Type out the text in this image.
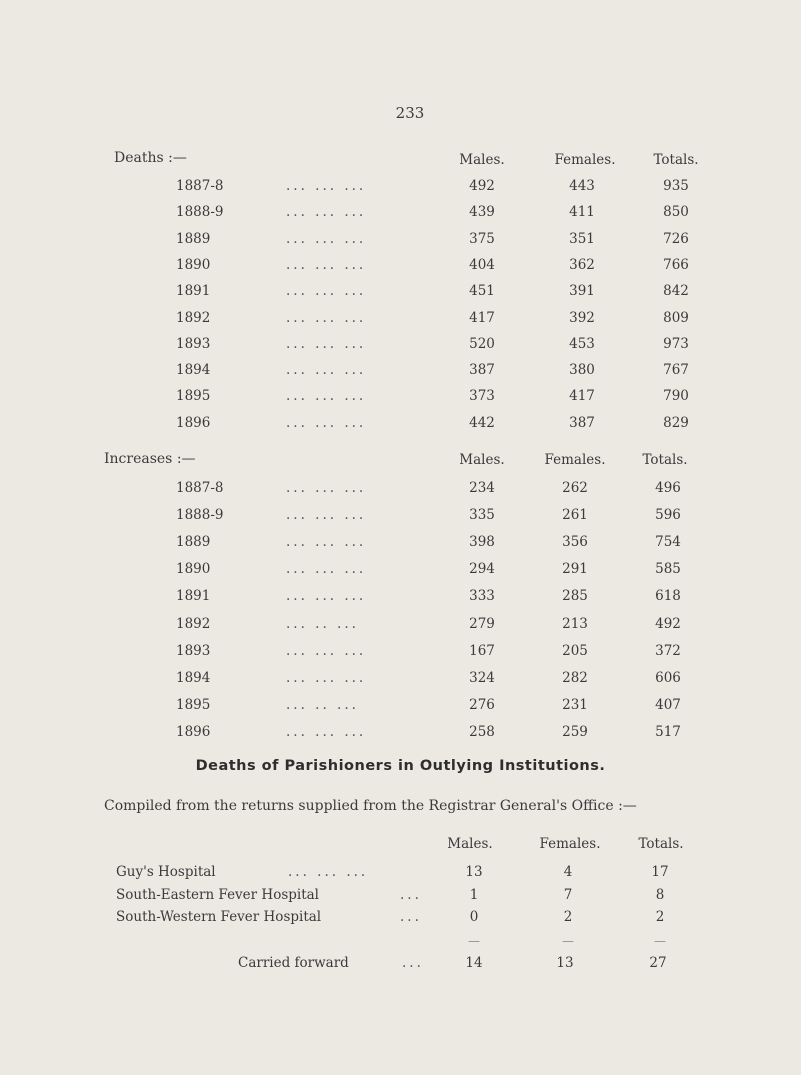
233
Deaths :—	Males.	Females.	Totals.
1887-8	... ... ...	492	443	935
1888-9	... ... ...	439	411	850
1889	... ... ...	375	351	726
1890	... ... ...	404	362	766
1891	... ... ...	451	391	842
1892	... ... ...	417	392	809
1893	... ... ...	520	453	973
1894	... ... ...	387	380	767
1895	... ... ...	373	417	790
1896	... ... ...	442	387	829
Increases :—	Males.	Females.	Totals.
1887-8	... ... ...	234	262	496
1888-9	... ... ...	335	261	596
1889	... ... ...	398	356	754
1890	... ... ...	294	291	585
1891	... ... ...	333	285	618
1892	... .. ...	279	213	492
1893	... ... ...	167	205	372
1894	... ... ...	324	282	606
1895	... .. ...	276	231	407
1896	... ... ...	258	259	517
Deaths of Parishioners in Outlying Institutions.
Compiled from the returns supplied from the Registrar General's Office :—
Males.	Females.	Totals.
Guy's Hospital	... ... ...	13	4	17
South-Eastern Fever Hospital	...	1	7	8
South-Western Fever Hospital	...	0	2	2
—	—	—
Carried forward	...	14	13	27
